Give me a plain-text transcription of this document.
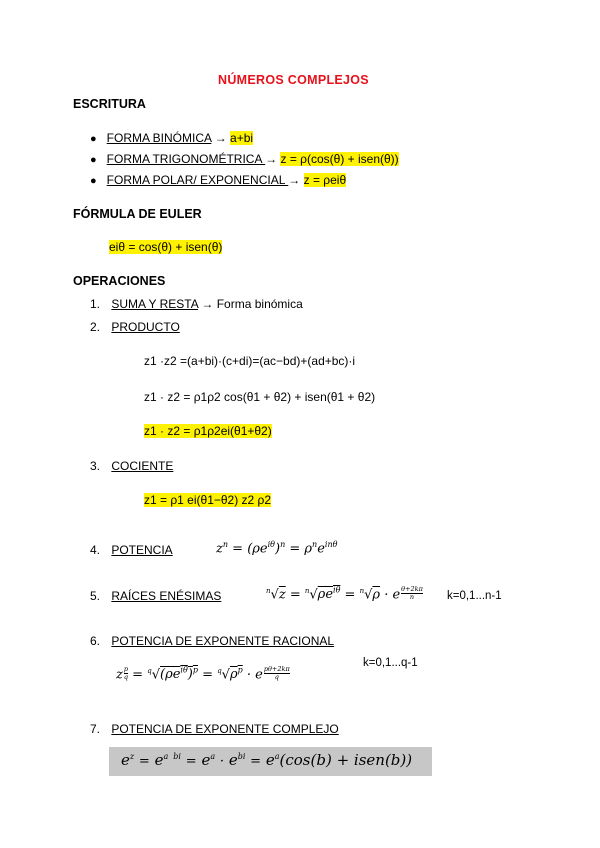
NÚMEROS COMPLEJOS
ESCRITURA
● FORMA BINÓMICA → a+bi
● FORMA TRIGONOMÉTRICA → z = ρ(cos(θ) + isen(θ))
● FORMA POLAR/ EXPONENCIAL → z = ρeiθ
FÓRMULA DE EULER
eiθ = cos(θ) + isen(θ)
OPERACIONES
1. SUMA Y RESTA → Forma binómica
2. PRODUCTO
z1 ·z2 =(a+bi)·(c+di)=(ac−bd)+(ad+bc)·i
z1 · z2 = ρ1ρ2 cos(θ1 + θ2) + isen(θ1 + θ2)
z1 · z2 = ρ1ρ2ei(θ1+θ2)
3. COCIENTE
z1 = ρ1 ei(θ1−θ2) z2 ρ2
4. POTENCIA	$z^n = (\rho e^{i\theta})^n = \rho^ne^{in\theta}$
5. RAÍCES ENÉSIMAS	$^n√z = ^n√\rho e^{i\theta} = ^n√\rho \cdot e \frac{\theta+2k\pi}{n} k=0,1...n-1$
6. POTENCIA DE EXPONENTE RACIONAL
z $\frac{p}{q} = ^q√(\rho e^{i\theta})^p = ^q√\rho^p \cdot e \frac{p\theta+2k\pi}{q}$
k=0,1...q-1
7. POTENCIA DE EXPONENTE COMPLEJO
$e^z = e^{a bi} = e^a \cdot e^{bi} = e^a(\cos(b)$ + isen(b))
